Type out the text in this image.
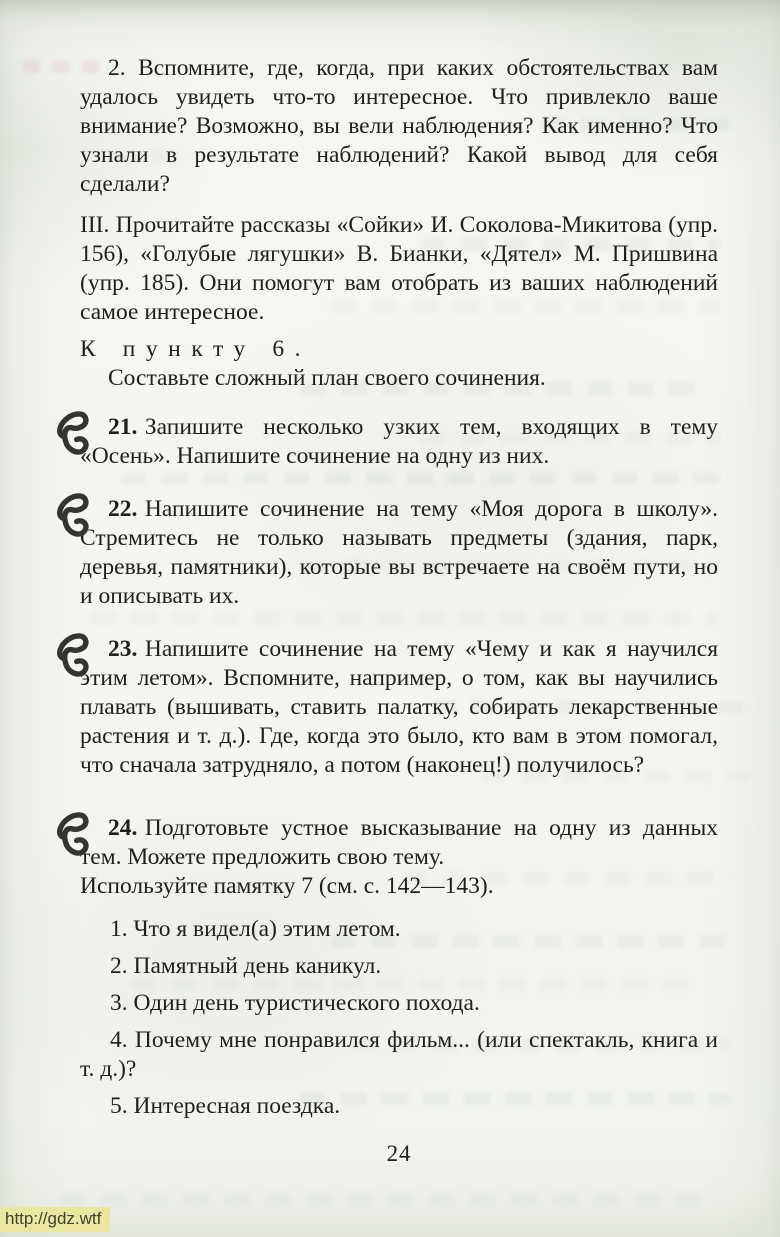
2. Вспомните, где, когда, при каких обстоятельствах вам удалось увидеть что-то интересное. Что привлекло ваше внимание? Возможно, вы вели наблюдения? Как именно? Что узнали в результате наблюдений? Какой вывод для себя сделали?

III. Прочитайте рассказы «Сойки» И. Соколова-Микитова (упр. 156), «Голубые лягушки» В. Бианки, «Дятел» М. Пришвина (упр. 185). Они помогут вам отобрать из ваших наблюдений самое интересное.

К пункту 6.

Составьте сложный план своего сочинения.

21. Запишите несколько узких тем, входящих в тему «Осень». Напишите сочинение на одну из них.

22. Напишите сочинение на тему «Моя дорога в школу». Стремитесь не только называть предметы (здания, парк, деревья, памятники), которые вы встречаете на своём пути, но и описывать их.

23. Напишите сочинение на тему «Чему и как я научился этим летом». Вспомните, например, о том, как вы научились плавать (вышивать, ставить палатку, собирать лекарственные растения и т. д.). Где, когда это было, кто вам в этом помогал, что сначала затрудняло, а потом (наконец!) получилось?

24. Подготовьте устное высказывание на одну из данных тем. Можете предложить свою тему.

Используйте памятку 7 (см. с. 142—143).

1. Что я видел(а) этим летом.

2. Памятный день каникул.

3. Один день туристического похода.

4. Почему мне понравился фильм... (или спектакль, книга и т. д.)?

5. Интересная поездка.

24
http://gdz.wtf
